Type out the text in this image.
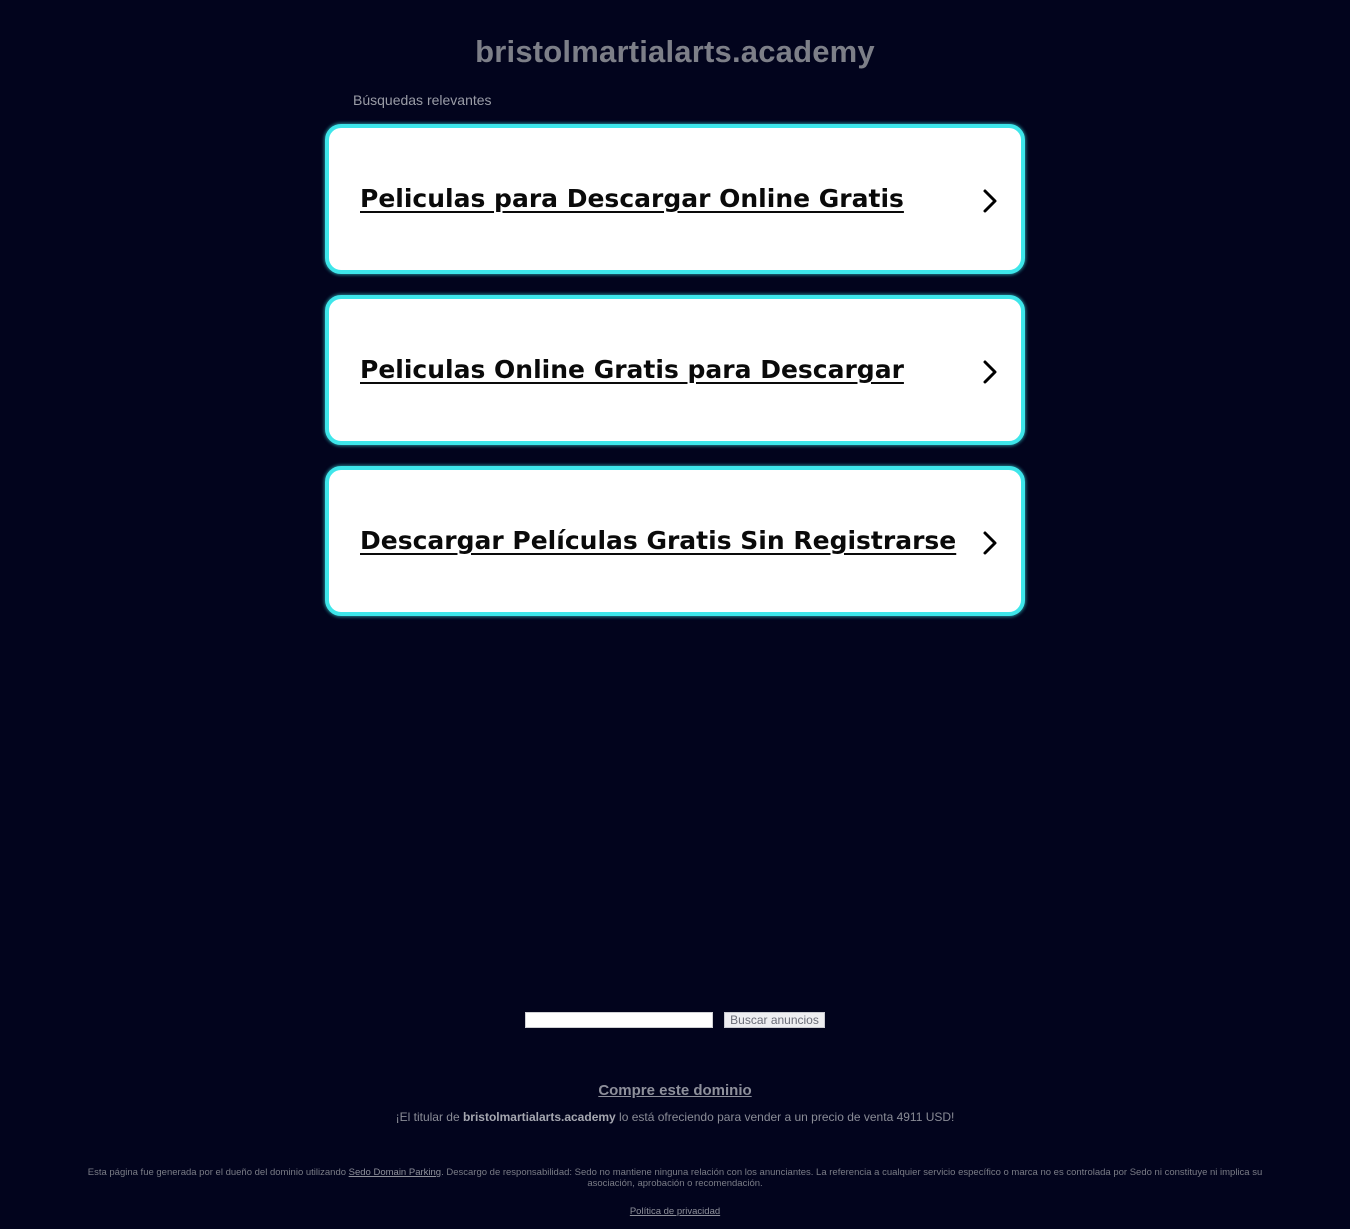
bristolmartialarts.academy
Búsquedas relevantes
Peliculas para Descargar Online Gratis
Peliculas Online Gratis para Descargar
Descargar Películas Gratis Sin Registrarse
Buscar anuncios
Compre este dominio
¡El titular de bristolmartialarts.academy lo está ofreciendo para vender a un precio de venta 4911 USD!
Esta página fue generada por el dueño del dominio utilizando Sedo Domain Parking. Descargo de responsabilidad: Sedo no mantiene ninguna relación con los anunciantes. La referencia a cualquier servicio específico o marca no es controlada por Sedo ni constituye ni implica su asociación, aprobación o recomendación.
Política de privacidad
